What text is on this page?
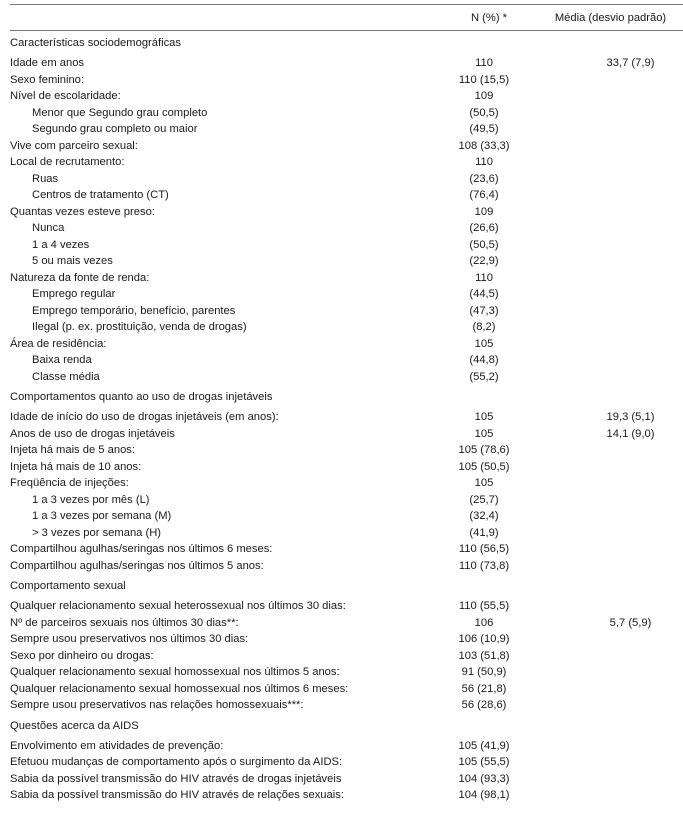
	N (%) *	Média (desvio padrão)

Características sociodemográficas		
Idade em anos	110	33,7 (7,9)
Sexo feminino:	110 (15,5)	
Nível de escolaridade:	109	
Menor que Segundo grau completo	(50,5)	
Segundo grau completo ou maior	(49,5)	
Vive com parceiro sexual:	108 (33,3)	
Local de recrutamento:	110	
Ruas	(23,6)	
Centros de tratamento (CT)	(76,4)	
Quantas vezes esteve preso:	109	
Nunca	(26,6)	
1 a 4 vezes	(50,5)	
5 ou mais vezes	(22,9)	
Natureza da fonte de renda:	110	
Emprego regular	(44,5)	
Emprego temporário, benefício, parentes	(47,3)	
Ilegal (p. ex. prostituição, venda de drogas)	(8,2)	
Área de residência:	105	
Baixa renda	(44,8)	
Classe média	(55,2)	
Comportamentos quanto ao uso de drogas injetáveis		
Idade de início do uso de drogas injetáveis (em anos):	105	19,3 (5,1)
Anos de uso de drogas injetáveis	105	14,1 (9,0)
Injeta há mais de 5 anos:	105 (78,6)	
Injeta há mais de 10 anos:	105 (50,5)	
Freqüência de injeções:	105	
1 a 3 vezes por mês (L)	(25,7)	
1 a 3 vezes por semana (M)	(32,4)	
> 3 vezes por semana (H)	(41,9)	
Compartilhou agulhas/seringas nos últimos 6 meses:	110 (56,5)	
Compartilhou agulhas/seringas nos últimos 5 anos:	110 (73,8)	
Comportamento sexual		
Qualquer relacionamento sexual heterossexual nos últimos 30 dias:	110 (55,5)	
Nº de parceiros sexuais nos últimos 30 dias**:	106	5,7 (5,9)
Sempre usou preservativos nos últimos 30 dias:	106 (10,9)	
Sexo por dinheiro ou drogas:	103 (51,8)	
Qualquer relacionamento sexual homossexual nos últimos 5 anos:	91 (50,9)	
Qualquer relacionamento sexual homossexual nos últimos 6 meses:	56 (21,8)	
Sempre usou preservativos nas relações homossexuais***:	56 (28,6)	
Questões acerca da AIDS		
Envolvimento em atividades de prevenção:	105 (41,9)	
Efetuou mudanças de comportamento após o surgimento da AIDS:	105 (55,5)	
Sabia da possível transmissão do HIV através de drogas injetáveis	104 (93,3)	
Sabia da possível transmissão do HIV através de relações sexuais:	104 (98,1)	
